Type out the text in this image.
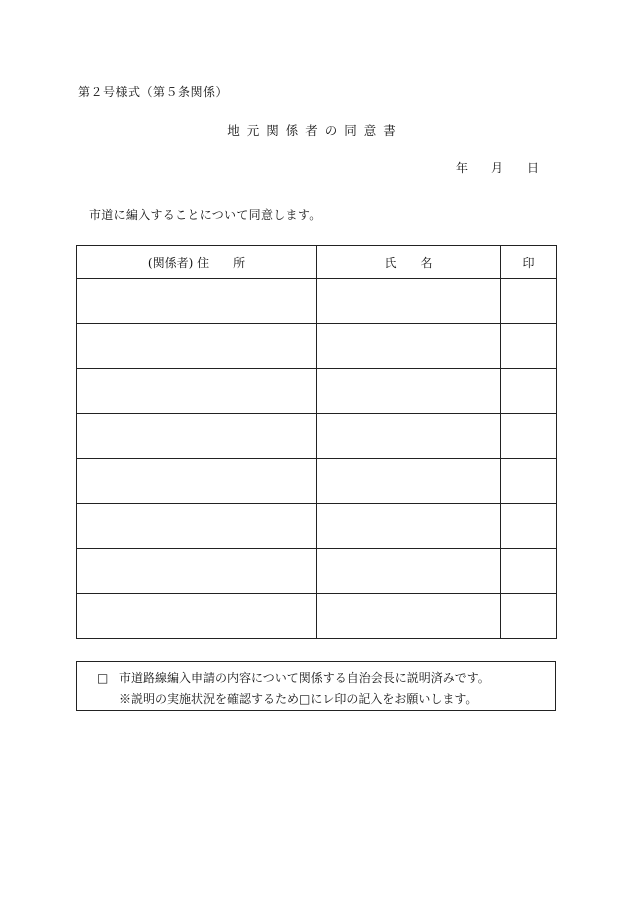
第２号様式（第５条関係）
地元関係者の同意書
年 月 日
市道に編入することについて同意します。
(関係者) 住　　所	氏　　名	印

□ 市道路線編入申請の内容について関係する自治会長に説明済みです。
※説明の実施状況を確認するため□にレ印の記入をお願いします。
